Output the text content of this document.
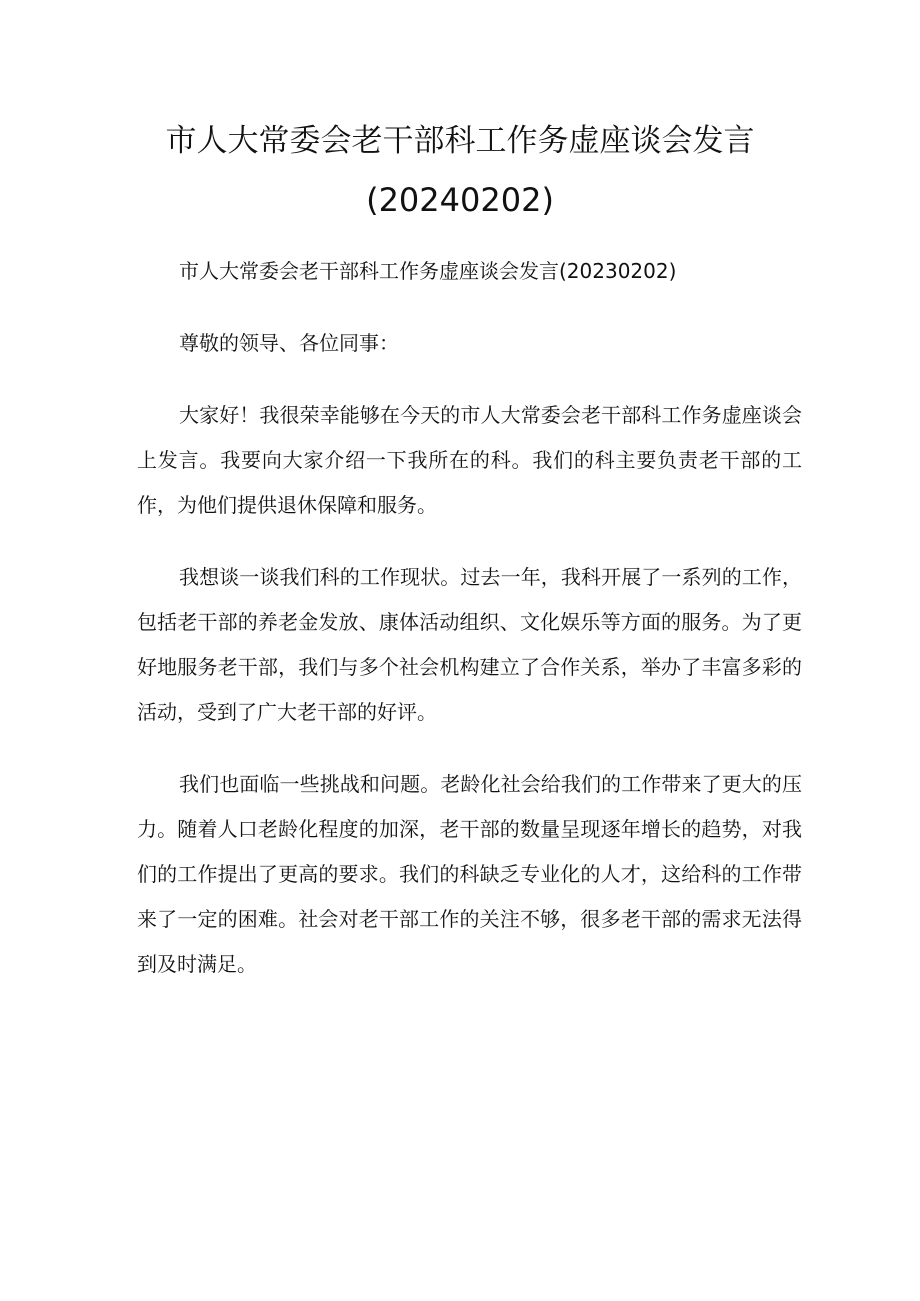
市人大常委会老干部科工作务虚座谈会发言
(20240202)

市人大常委会老干部科工作务虚座谈会发言(20230202)

尊敬的领导、各位同事：

大家好！我很荣幸能够在今天的市人大常委会老干部科工作务虚座谈会上发言。我要向大家介绍一下我所在的科。我们的科主要负责老干部的工作，为他们提供退休保障和服务。

我想谈一谈我们科的工作现状。过去一年，我科开展了一系列的工作，包括老干部的养老金发放、康体活动组织、文化娱乐等方面的服务。为了更好地服务老干部，我们与多个社会机构建立了合作关系，举办了丰富多彩的活动，受到了广大老干部的好评。

我们也面临一些挑战和问题。老龄化社会给我们的工作带来了更大的压力。随着人口老龄化程度的加深，老干部的数量呈现逐年增长的趋势，对我们的工作提出了更高的要求。我们的科缺乏专业化的人才，这给科的工作带来了一定的困难。社会对老干部工作的关注不够，很多老干部的需求无法得到及时满足。
